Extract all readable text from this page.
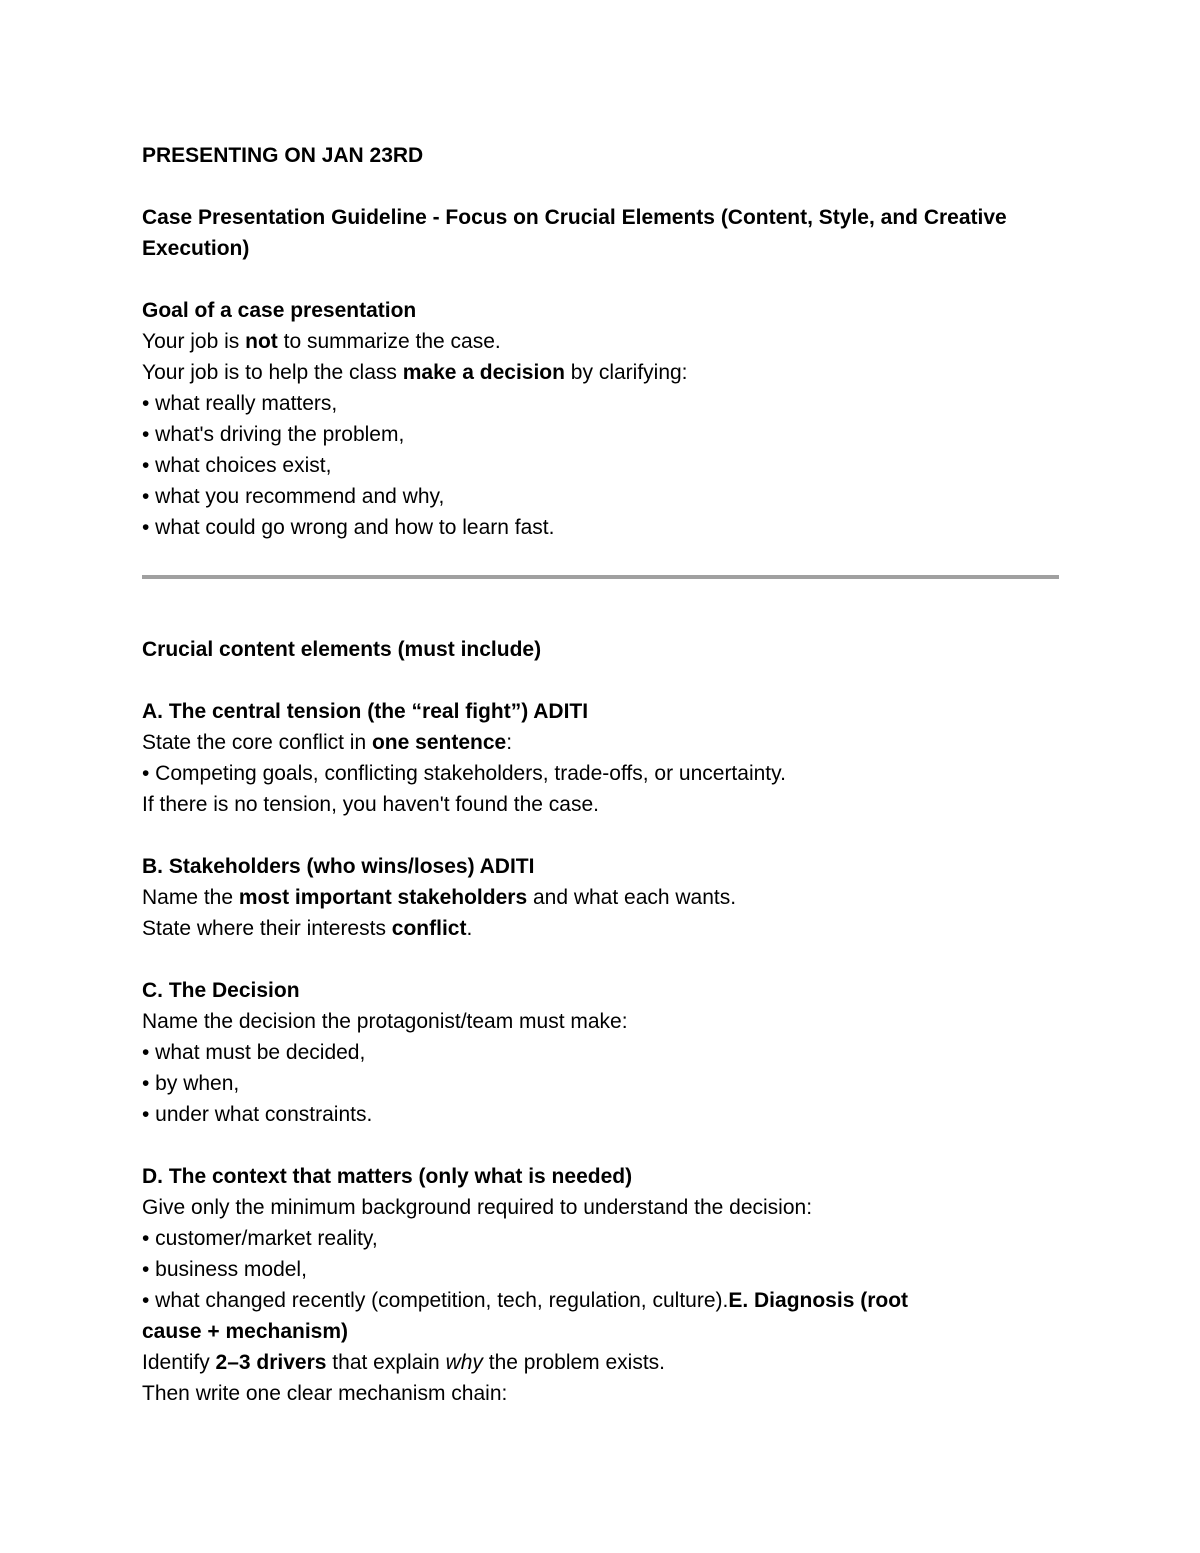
PRESENTING ON JAN 23RD

Case Presentation Guideline - Focus on Crucial Elements (Content, Style, and Creative Execution)

Goal of a case presentation

Your job is not to summarize the case.

Your job is to help the class make a decision by clarifying:

• what really matters,

• what's driving the problem,

• what choices exist,

• what you recommend and why,

• what could go wrong and how to learn fast.

Crucial content elements (must include)

A. The central tension (the “real fight”) ADITI

State the core conflict in one sentence:

• Competing goals, conflicting stakeholders, trade-offs, or uncertainty.

If there is no tension, you haven't found the case.

B. Stakeholders (who wins/loses) ADITI

Name the most important stakeholders and what each wants.

State where their interests conflict.

C. The Decision

Name the decision the protagonist/team must make:

• what must be decided,

• by when,

• under what constraints.

D. The context that matters (only what is needed)

Give only the minimum background required to understand the decision:

• customer/market reality,

• business model,

• what changed recently (competition, tech, regulation, culture).E. Diagnosis (root

cause + mechanism)

Identify 2–3 drivers that explain why the problem exists.

Then write one clear mechanism chain:
